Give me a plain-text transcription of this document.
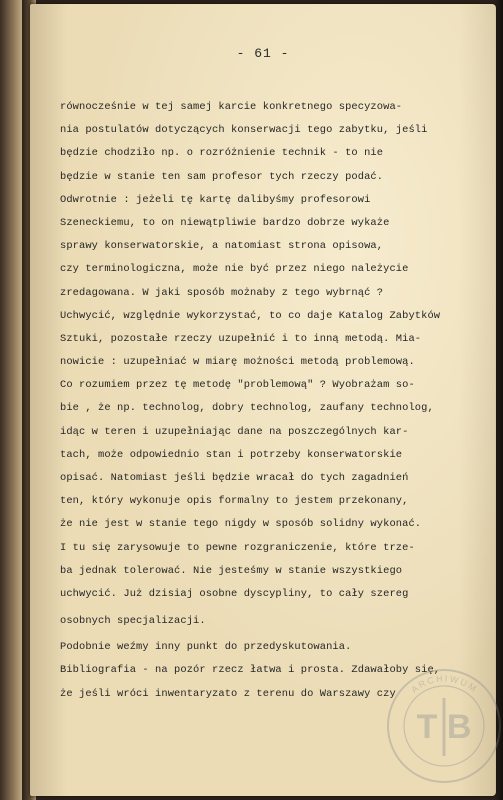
- 61 -
równocześnie w tej samej karcie konkretnego specyzowa-
nia postulatów dotyczących konserwacji tego zabytku, jeśli
będzie chodziło np. o rozróżnienie technik - to nie
będzie w stanie ten sam profesor tych rzeczy podać.
Odwrotnie : jeżeli tę kartę dalibyśmy profesorowi
Szeneckiemu, to on niewątpliwie bardzo dobrze wykaże
sprawy konserwatorskie, a natomiast strona opisowa,
czy terminologiczna, może nie być przez niego należycie
zredagowana. W jaki sposób możnaby z tego wybrnąć ?
Uchwycić, względnie wykorzystać, to co daje Katalog Zabytków
Sztuki, pozostałe rzeczy uzupełnić i to inną metodą. Mia-
nowicie : uzupełniać w miarę możności metodą problemową.
Co rozumiem przez tę metodę "problemową" ? Wyobrażam so-
bie , że np. technolog, dobry technolog, zaufany technolog,
idąc w teren i uzupełniając dane na poszczególnych kar-
tach, może odpowiednio stan i potrzeby konserwatorskie
opisać. Natomiast jeśli będzie wracał do tych zagadnień
ten, który wykonuje opis formalny to jestem przekonany,
że nie jest w stanie tego nigdy w sposób solidny wykonać.
I tu się zarysowuje to pewne rozgraniczenie, które trze-
ba jednak tolerować. Nie jesteśmy w stanie wszystkiego
uchwycić. Już dzisiaj osobne dyscypliny, to cały szereg
osobnych specjalizacji.
Podobnie weźmy inny punkt do przedyskutowania.
Bibliografia - na pozór rzecz łatwa i prosta. Zdawałoby się,
że jeśli wróci inwentaryzato z terenu do Warszawy czy	ARCHIWUM
T B
